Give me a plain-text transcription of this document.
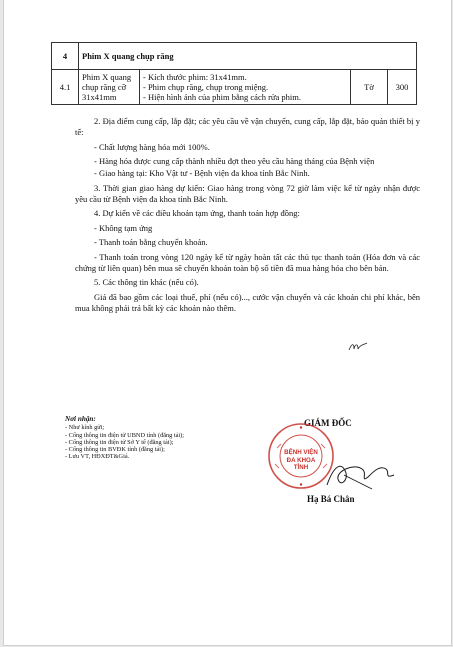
4	Phim X quang chụp răng			
4.1	Phim X quang chụp răng cỡ 31x41mm	- Kích thước phim: 31x41mm.
- Phim chụp răng, chụp trong miệng.
- Hiện hình ảnh của phim bằng cách rửa phim.	Tờ	300

2. Địa điểm cung cấp, lắp đặt; các yêu cầu về vận chuyển, cung cấp, lắp đặt, bảo quản thiết bị y tế:

- Chất lượng hàng hóa mới 100%.

- Hàng hóa được cung cấp thành nhiều đợt theo yêu cầu hàng tháng của Bệnh viện

- Giao hàng tại: Kho Vật tư - Bệnh viện đa khoa tỉnh Bắc Ninh.

3. Thời gian giao hàng dự kiến: Giao hàng trong vòng 72 giờ làm việc kể từ ngày nhận được yêu cầu từ Bệnh viện đa khoa tỉnh Bắc Ninh.

4. Dự kiến về các điều khoản tạm ứng, thanh toán hợp đồng:

- Không tạm ứng

- Thanh toán bằng chuyển khoản.

- Thanh toán trong vòng 120 ngày kể từ ngày hoàn tất các thủ tục thanh toán (Hóa đơn và các chứng từ liên quan) bên mua sẽ chuyển khoản toàn bộ số tiền đã mua hàng hóa cho bên bán.

5. Các thông tin khác (nếu có).

Giá đã bao gồm các loại thuế, phí (nếu có)..., cước vận chuyển và các khoản chi phí khác, bên mua không phải trả bất kỳ các khoản nào thêm.

Nơi nhận:
- Như kính gửi;
- Cổng thông tin điện tử UBND tỉnh (đăng tải);
- Cổng thông tin điện tử Sở Y tế (đăng tải);
- Cổng thông tin BVĐK tỉnh (đăng tải);
- Lưu VT, HĐXĐT&Giá.
GIÁM ĐỐC
BỆNH VIỆN
ĐA KHOA
TỈNH
Hạ Bá Chân
